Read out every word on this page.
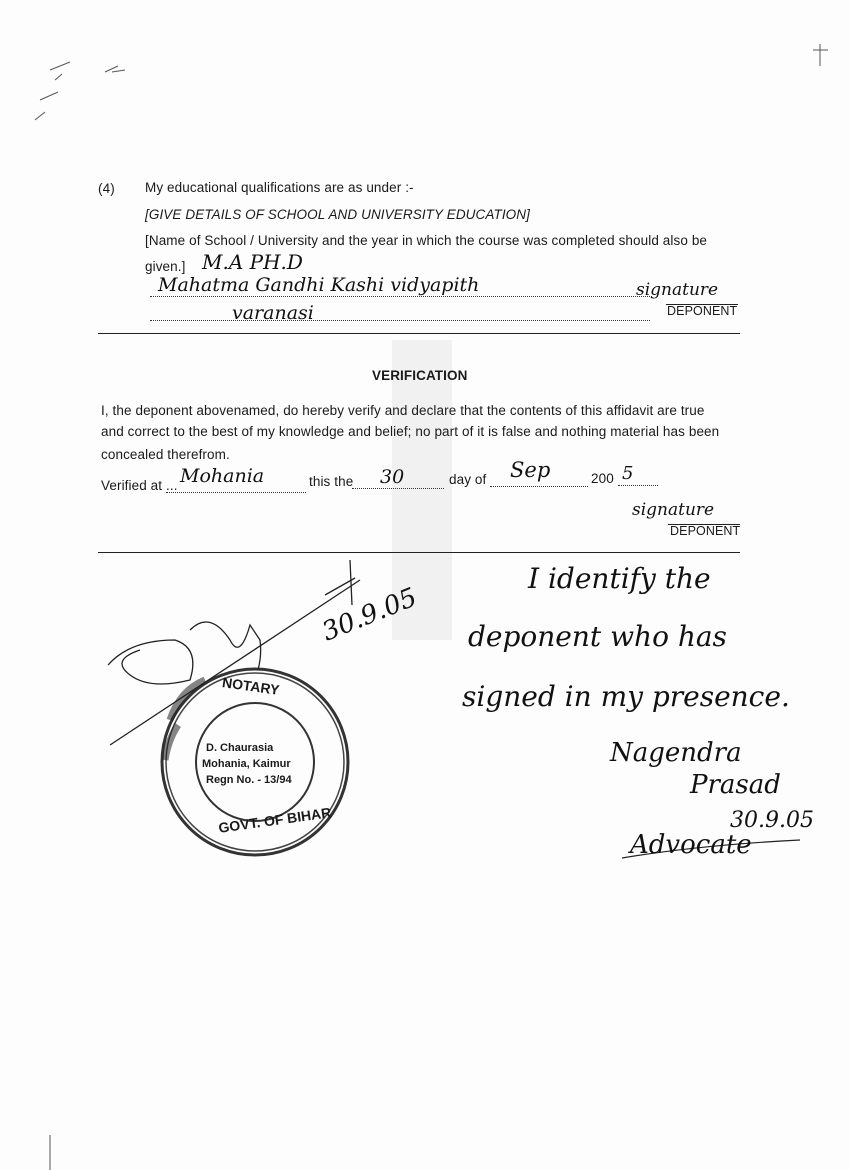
(4) My educational qualifications are as under :-
[GIVE DETAILS OF SCHOOL AND UNIVERSITY EDUCATION]
[Name of School / University and the year in which the course was completed should also be
given.] M.A PH.D
Mahatma Gandhi Kashi vidyapith
varanasi
signature
DEPONENT
VERIFICATION
I, the deponent abovenamed, do hereby verify and declare that the contents of this affidavit are true
and correct to the best of my knowledge and belief; no part of it is false and nothing material has been
concealed therefrom.
Verified at ... Mohania	this the 30	day of Sep	200 5
signature
DEPONENT
NOTARY
D. Chaurasia
Mohania, Kaimur
Regn No. - 13/94
GOVT. OF BIHAR
30.9.05
I identify the
deponent who has
signed in my presence.
Nagendra
Prasad
30.9.05
Advocate
